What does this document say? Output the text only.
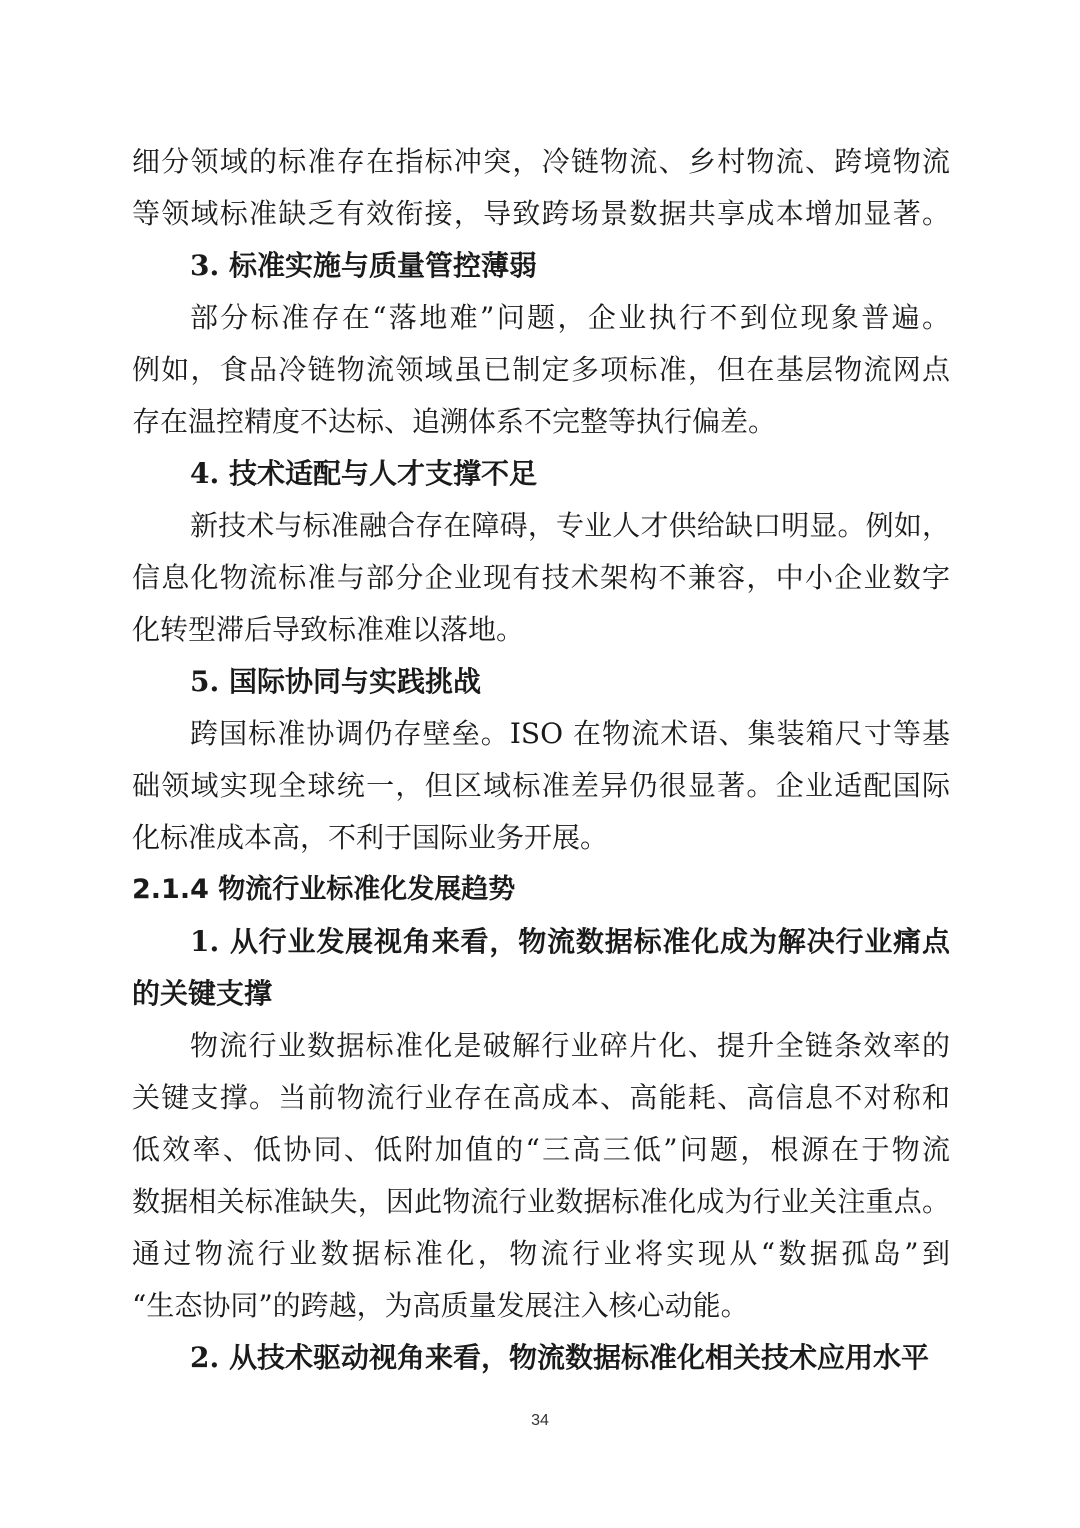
细分领域的标准存在指标冲突，冷链物流、乡村物流、跨境物流
等领域标准缺乏有效衔接，导致跨场景数据共享成本增加显著。
3. 标准实施与质量管控薄弱
部分标准存在“落地难”问题，企业执行不到位现象普遍。
例如，食品冷链物流领域虽已制定多项标准，但在基层物流网点
存在温控精度不达标、追溯体系不完整等执行偏差。
4. 技术适配与人才支撑不足
新技术与标准融合存在障碍，专业人才供给缺口明显。例如，
信息化物流标准与部分企业现有技术架构不兼容，中小企业数字
化转型滞后导致标准难以落地。
5. 国际协同与实践挑战
跨国标准协调仍存壁垒。ISO 在物流术语、集装箱尺寸等基
础领域实现全球统一，但区域标准差异仍很显著。企业适配国际
化标准成本高，不利于国际业务开展。
2.1.4 物流行业标准化发展趋势
1. 从行业发展视角来看，物流数据标准化成为解决行业痛点
的关键支撑
物流行业数据标准化是破解行业碎片化、提升全链条效率的
关键支撑。当前物流行业存在高成本、高能耗、高信息不对称和
低效率、低协同、低附加值的“三高三低”问题，根源在于物流
数据相关标准缺失，因此物流行业数据标准化成为行业关注重点。
通过物流行业数据标准化，物流行业将实现从“数据孤岛”到
“生态协同”的跨越，为高质量发展注入核心动能。
2. 从技术驱动视角来看，物流数据标准化相关技术应用水平
34
